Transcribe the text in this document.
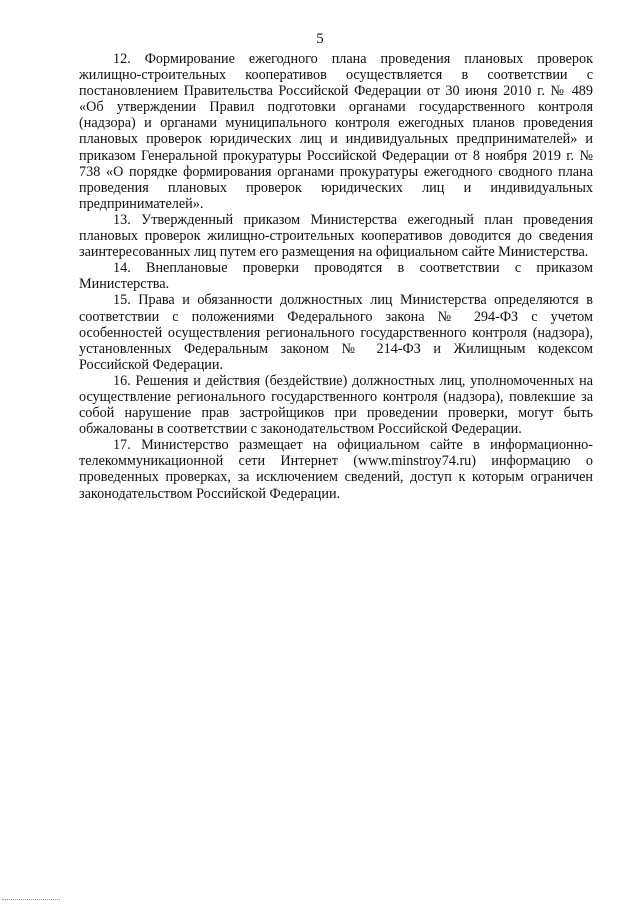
5

12. Формирование ежегодного плана проведения плановых проверок жилищно-строительных кооперативов осуществляется в соответствии с постановлением Правительства Российской Федерации от 30 июня 2010 г. № 489 «Об утверждении Правил подготовки органами государственного контроля (надзора) и органами муниципального контроля ежегодных планов проведения плановых проверок юридических лиц и индивидуальных предпринимателей» и приказом Генеральной прокуратуры Российской Федерации от 8 ноября 2019 г. № 738 «О порядке формирования органами прокуратуры ежегодного сводного плана проведения плановых проверок юридических лиц и индивидуальных предпринимателей».

13. Утвержденный приказом Министерства ежегодный план проведения плановых проверок жилищно-строительных кооперативов доводится до сведения заинтересованных лиц путем его размещения на официальном сайте Министерства.

14. Внеплановые проверки проводятся в соответствии с приказом Министерства.

15. Права и обязанности должностных лиц Министерства определяются в соответствии с положениями Федерального закона № 294-ФЗ с учетом особенностей осуществления регионального государственного контроля (надзора), установленных Федеральным законом № 214-ФЗ и Жилищным кодексом Российской Федерации.

16. Решения и действия (бездействие) должностных лиц, уполномоченных на осуществление регионального государственного контроля (надзора), повлекшие за собой нарушение прав застройщиков при проведении проверки, могут быть обжалованы в соответствии с законодательством Российской Федерации.

17. Министерство размещает на официальном сайте в информационно-телекоммуникационной сети Интернет (www.minstroy74.ru) информацию о проведенных проверках, за исключением сведений, доступ к которым ограничен законодательством Российской Федерации.
